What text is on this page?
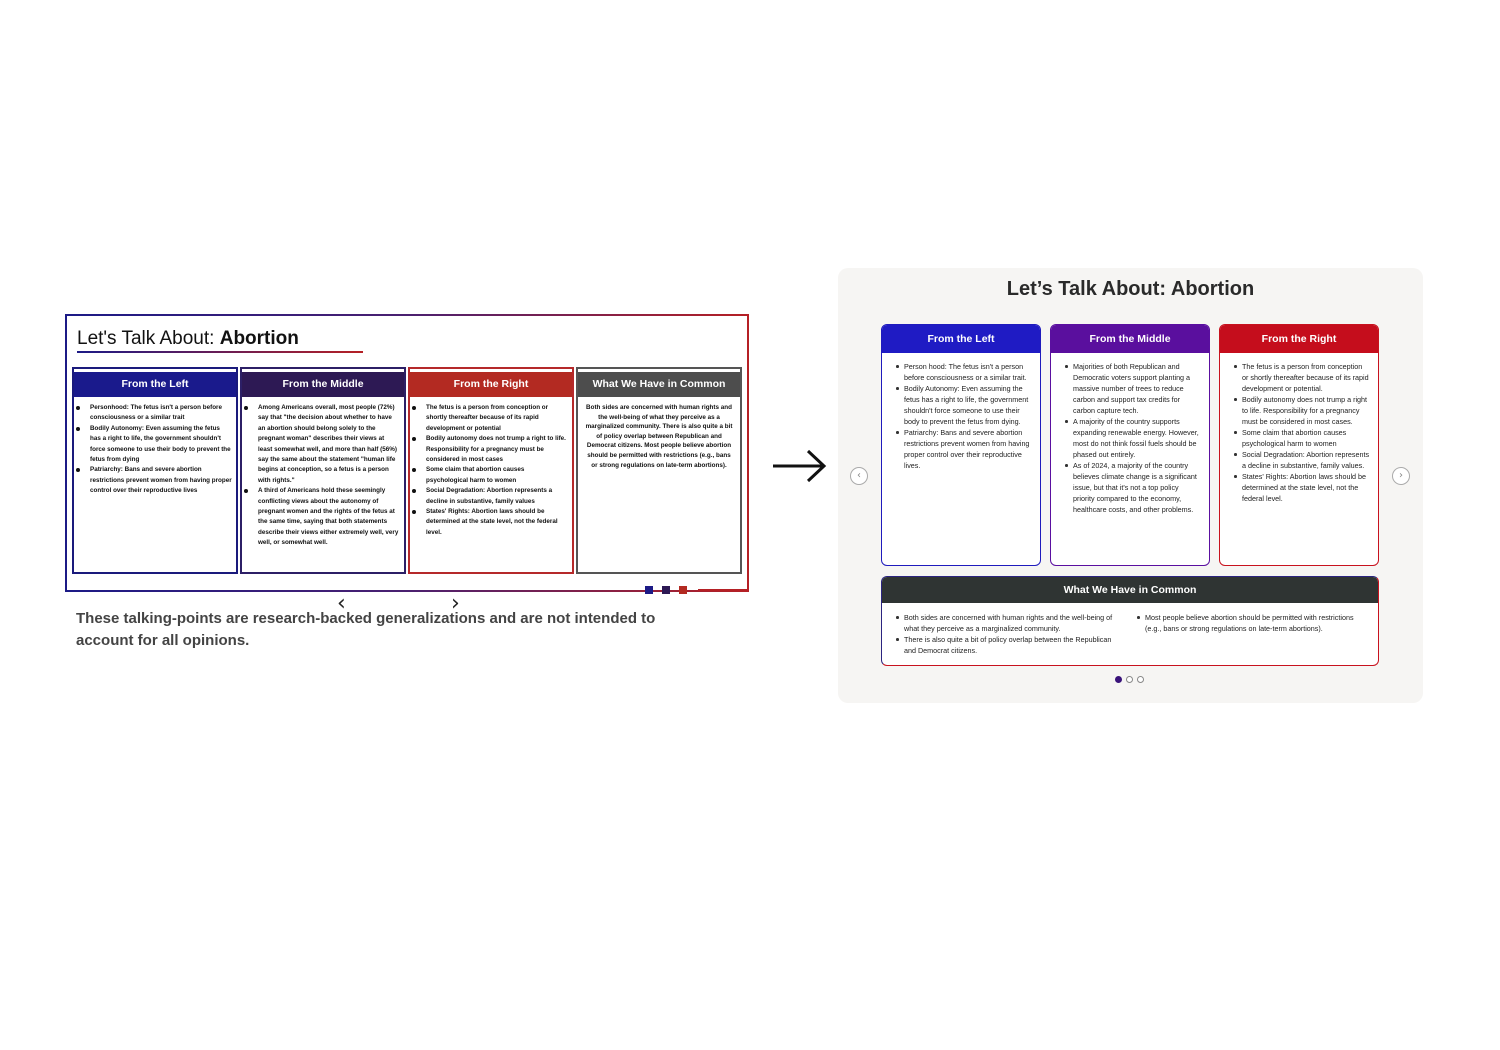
Let's Talk About: Abortion
From the Left
Personhood: The fetus isn't a person before consciousness or a similar trait
Bodily Autonomy: Even assuming the fetus has a right to life, the government shouldn't force someone to use their body to prevent the fetus from dying
Patriarchy: Bans and severe abortion restrictions prevent women from having proper control over their reproductive lives
From the Middle
Among Americans overall, most people (72%) say that "the decision about whether to have an abortion should belong solely to the pregnant woman" describes their views at least somewhat well, and more than half (56%) say the same about the statement "human life begins at conception, so a fetus is a person with rights."
A third of Americans hold these seemingly conflicting views about the autonomy of pregnant women and the rights of the fetus at the same time, saying that both statements describe their views either extremely well, very well, or somewhat well.
From the Right
The fetus is a person from conception or shortly thereafter because of its rapid development or potential
Bodily autonomy does not trump a right to life. Responsibility for a pregnancy must be considered in most cases
Some claim that abortion causes psychological harm to women
Social Degradation: Abortion represents a decline in substantive, family values
States' Rights: Abortion laws should be determined at the state level, not the federal level.
What We Have in Common

Both sides are concerned with human rights and the well-being of what they perceive as a marginalized community. There is also quite a bit of policy overlap between Republican and Democrat citizens. Most people believe abortion should be permitted with restrictions (e.g., bans or strong regulations on late-term abortions).

‹	›
These talking-points are research-backed generalizations and are not intended to account for all opinions.
Let’s Talk About: Abortion
‹	›
From the Left
Person hood: The fetus isn't a person before consciousness or a similar trait.
Bodily Autonomy: Even assuming the fetus has a right to life, the government shouldn't force someone to use their body to prevent the fetus from dying.
Patriarchy: Bans and severe abortion restrictions prevent women from having proper control over their reproductive lives.
From the Middle
Majorities of both Republican and Democratic voters support planting a massive number of trees to reduce carbon and support tax credits for carbon capture tech.
A majority of the country supports expanding renewable energy. However, most do not think fossil fuels should be phased out entirely.
As of 2024, a majority of the country believes climate change is a significant issue, but that it's not a top policy priority compared to the economy, healthcare costs, and other problems.
From the Right
The fetus is a person from conception or shortly thereafter because of its rapid development or potential.
Bodily autonomy does not trump a right to life. Responsibility for a pregnancy must be considered in most cases.
Some claim that abortion causes psychological harm to women
Social Degradation: Abortion represents a decline in substantive, family values.
States' Rights: Abortion laws should be determined at the state level, not the federal level.
What We Have in Common
Both sides are concerned with human rights and the well-being of what they perceive as a marginalized community.
There is also quite a bit of policy overlap between the Republican and Democrat citizens.
Most people believe abortion should be permitted with restrictions (e.g., bans or strong regulations on late-term abortions).
